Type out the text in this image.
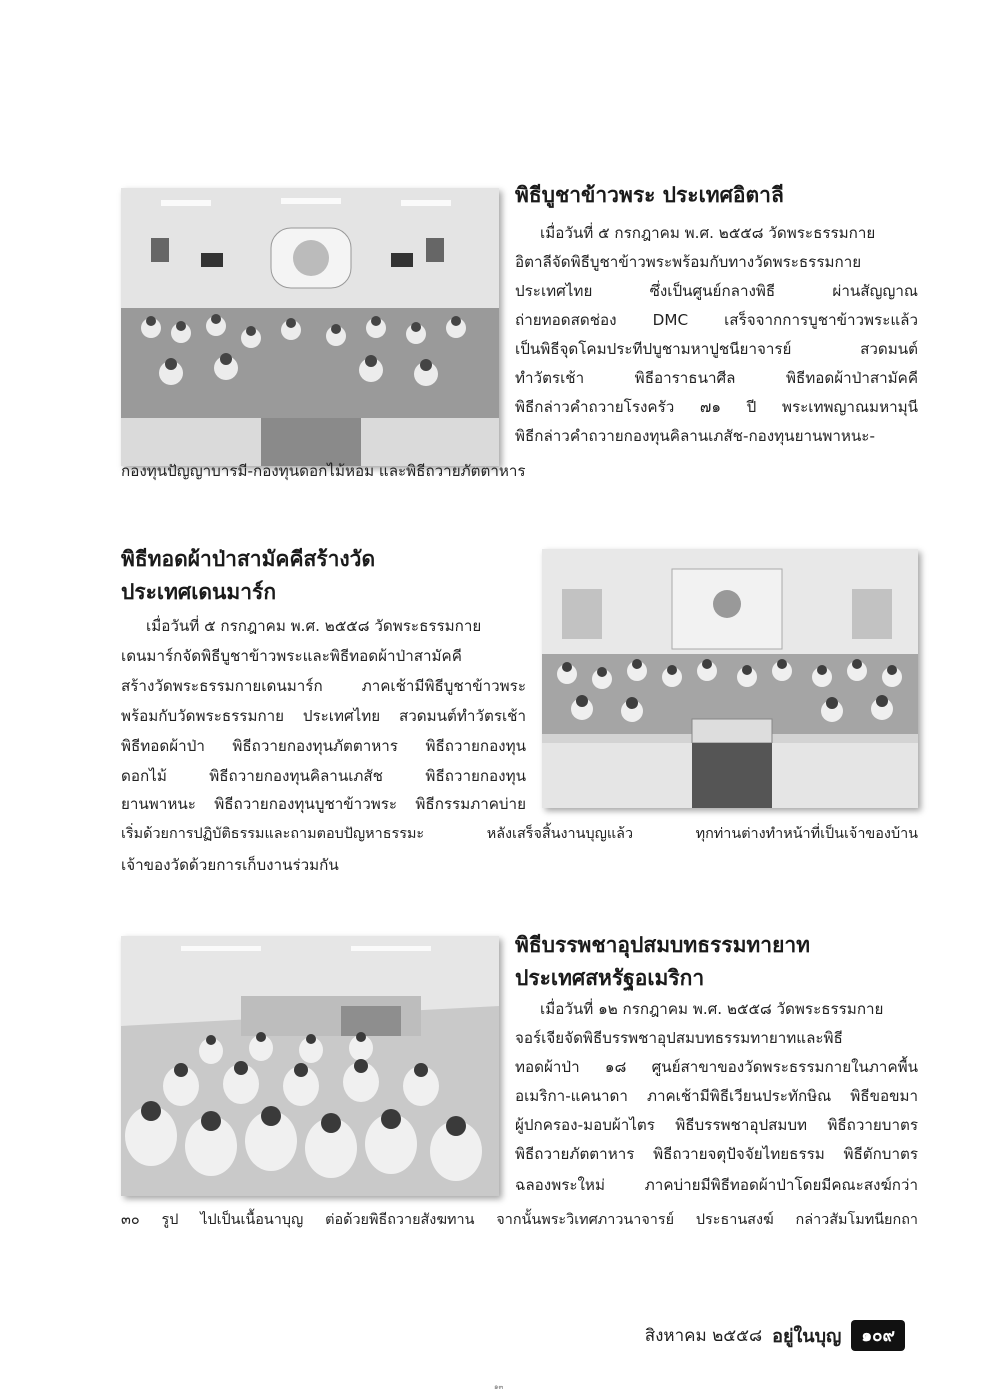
พิธีบูชาข้าวพระ ประเทศอิตาลี
เมื่อวันที่ ๕ กรกฎาคม พ.ศ. ๒๕๕๘ วัดพระธรรมกาย
อิตาลีจัดพิธีบูชาข้าวพระพร้อมกับทางวัดพระธรรมกาย
ประเทศไทย ซึ่งเป็นศูนย์กลางพิธี ผ่านสัญญาณ
ถ่ายทอดสดช่อง DMC เสร็จจากการบูชาข้าวพระแล้ว
เป็นพิธีจุดโคมประทีปบูชามหาปูชนียาจารย์ สวดมนต์
ทำวัตรเช้า พิธีอาราธนาศีล พิธีทอดผ้าป่าสามัคคี
พิธีกล่าวคำถวายโรงครัว ๗๑ ปี พระเทพญาณมหามุนี
พิธีกล่าวคำถวายกองทุนคิลานเภสัช-กองทุนยานพาหนะ-
กองทุนปัญญาบารมี-กองทุนดอกไม้หอม และพิธีถวายภัตตาหาร
พิธีทอดผ้าป่าสามัคคีสร้างวัด
ประเทศเดนมาร์ก
เมื่อวันที่ ๕ กรกฎาคม พ.ศ. ๒๕๕๘ วัดพระธรรมกาย
เดนมาร์กจัดพิธีบูชาข้าวพระและพิธีทอดผ้าป่าสามัคคี
สร้างวัดพระธรรมกายเดนมาร์ก ภาคเช้ามีพิธีบูชาข้าวพระ
พร้อมกับวัดพระธรรมกาย ประเทศไทย สวดมนต์ทำวัตรเช้า
พิธีทอดผ้าป่า พิธีถวายกองทุนภัตตาหาร พิธีถวายกองทุน
ดอกไม้ พิธีถวายกองทุนคิลานเภสัช พิธีถวายกองทุน
ยานพาหนะ พิธีถวายกองทุนบูชาข้าวพระ พิธีกรรมภาคบ่าย
เริ่มด้วยการปฏิบัติธรรมและถามตอบปัญหาธรรมะ หลังเสร็จสิ้นงานบุญแล้ว ทุกท่านต่างทำหน้าที่เป็นเจ้าของบ้าน
เจ้าของวัดด้วยการเก็บงานร่วมกัน
พิธีบรรพชาอุปสมบทธรรมทายาท
ประเทศสหรัฐอเมริกา
เมื่อวันที่ ๑๒ กรกฎาคม พ.ศ. ๒๕๕๘ วัดพระธรรมกาย
จอร์เจียจัดพิธีบรรพชาอุปสมบทธรรมทายาทและพิธี
ทอดผ้าป่า ๑๘ ศูนย์สาขาของวัดพระธรรมกายในภาคพื้น
อเมริกา-แคนาดา ภาคเช้ามีพิธีเวียนประทักษิณ พิธีขอขมา
ผู้ปกครอง-มอบผ้าไตร พิธีบรรพชาอุปสมบท พิธีถวายบาตร
พิธีถวายภัตตาหาร พิธีถวายจตุปัจจัยไทยธรรม พิธีตักบาตร
ฉลองพระใหม่ ภาคบ่ายมีพิธีทอดผ้าป่าโดยมีคณะสงฆ์กว่า
๓๐ รูป ไปเป็นเนื้อนาบุญ ต่อด้วยพิธีถวายสังฆทาน จากนั้นพระวิเทศภาวนาจารย์ ประธานสงฆ์ กล่าวสัมโมทนียกถา
สิงหาคม ๒๕๕๘ อยู่ในบุญ	๑๐๙
๑๓
